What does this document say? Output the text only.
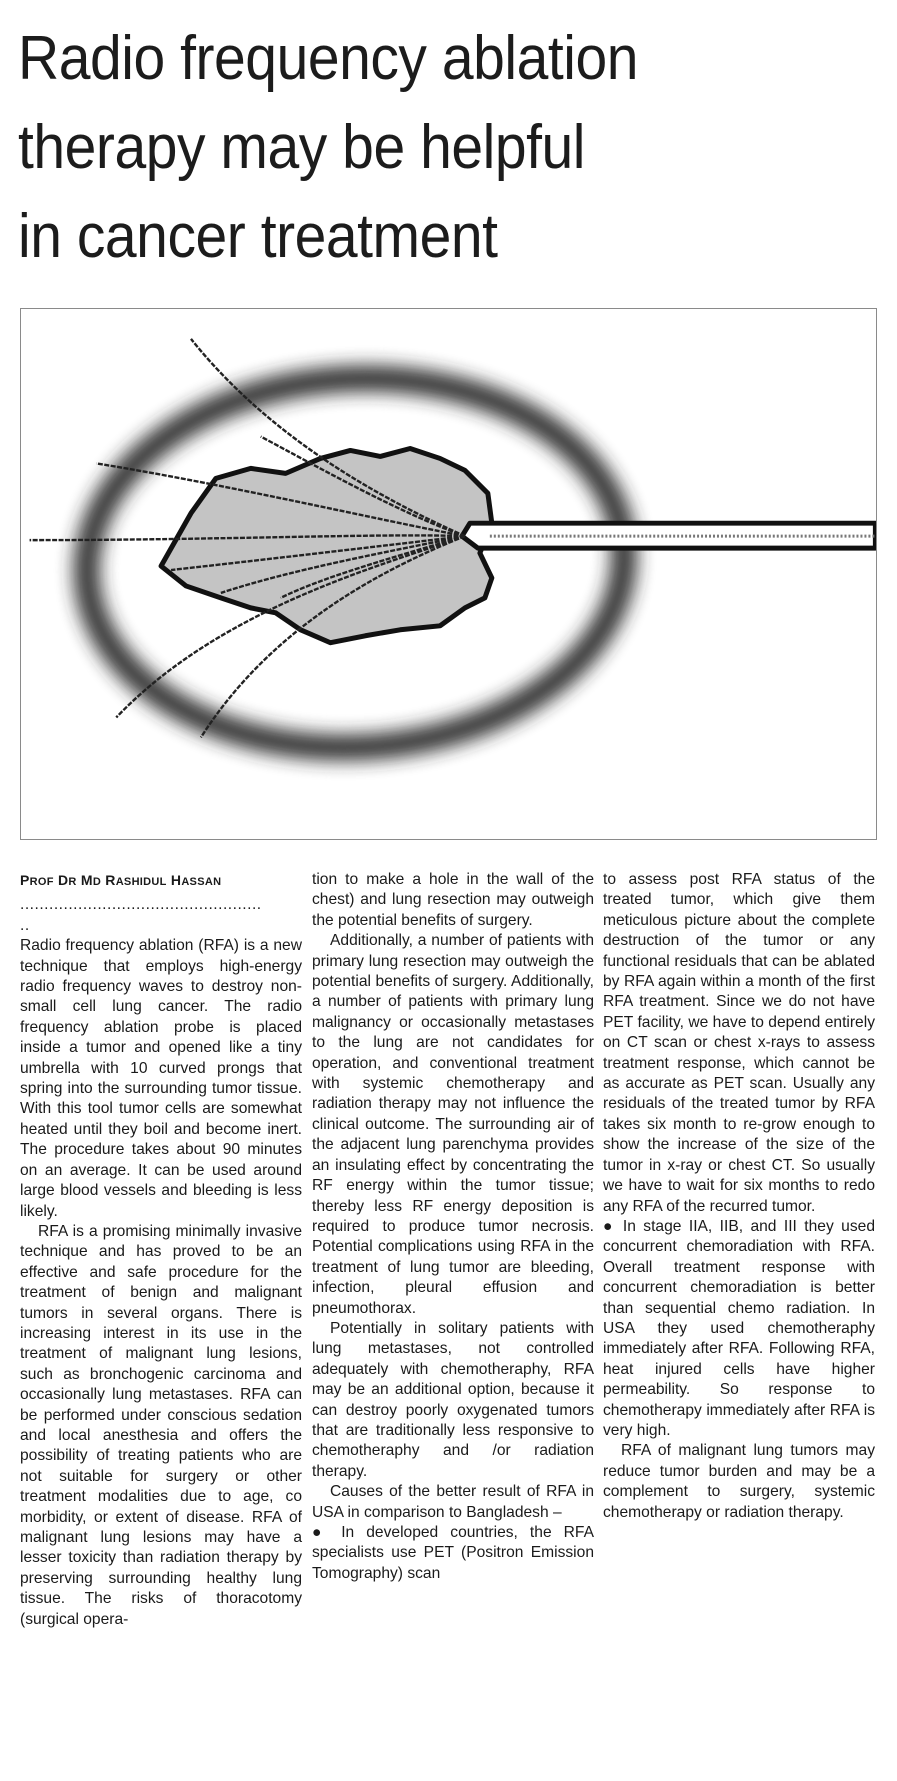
Radio frequency ablation
therapy may be helpful
in cancer treatment

PROF DR MD RASHIDUL HASSAN

..................................................

..

Radio frequency ablation (RFA) is a new technique that employs high-energy radio frequency waves to destroy non-small cell lung cancer. The radio frequency ablation probe is placed inside a tumor and opened like a tiny umbrella with 10 curved prongs that spring into the surrounding tumor tissue. With this tool tumor cells are somewhat heated until they boil and become inert. The procedure takes about 90 minutes on an average. It can be used around large blood vessels and bleeding is less likely.

RFA is a promising minimally invasive technique and has proved to be an effective and safe procedure for the treatment of benign and malignant tumors in several organs. There is increasing interest in its use in the treatment of malignant lung lesions, such as bronchogenic carcinoma and occasionally lung metastases. RFA can be performed under conscious sedation and local anesthesia and offers the possibility of treating patients who are not suitable for surgery or other treatment modalities due to age, co morbidity, or extent of disease. RFA of malignant lung lesions may have a lesser toxicity than radiation therapy by preserving surrounding healthy lung tissue. The risks of thoracotomy (surgical opera-

tion to make a hole in the wall of the chest) and lung resection may outweigh the potential benefits of surgery.

Additionally, a number of patients with primary lung resection may outweigh the potential benefits of surgery. Additionally, a number of patients with primary lung malignancy or occasionally metastases to the lung are not candidates for operation, and conventional treatment with systemic chemotherapy and radiation therapy may not influence the clinical outcome. The surrounding air of the adjacent lung parenchyma provides an insulating effect by concentrating the RF energy within the tumor tissue; thereby less RF energy deposition is required to produce tumor necrosis. Potential complications using RFA in the treatment of lung tumor are bleeding, infection, pleural effusion and pneumothorax.

Potentially in solitary patients with lung metastases, not controlled adequately with chemotheraphy, RFA may be an additional option, because it can destroy poorly oxygenated tumors that are traditionally less responsive to chemotheraphy and /or radiation therapy.

Causes of the better result of RFA in USA in comparison to Bangladesh –

● In developed countries, the RFA specialists use PET (Positron Emission Tomography) scan

to assess post RFA status of the treated tumor, which give them meticulous picture about the complete destruction of the tumor or any functional residuals that can be ablated by RFA again within a month of the first RFA treatment. Since we do not have PET facility, we have to depend entirely on CT scan or chest x-rays to assess treatment response, which cannot be as accurate as PET scan. Usually any residuals of the treated tumor by RFA takes six month to re-grow enough to show the increase of the size of the tumor in x-ray or chest CT. So usually we have to wait for six months to redo any RFA of the recurred tumor.

● In stage IIA, IIB, and III they used concurrent chemoradiation with RFA. Overall treatment response with concurrent chemoradiation is better than sequential chemo radiation. In USA they used chemotheraphy immediately after RFA. Following RFA, heat injured cells have higher permeability. So response to chemotherapy immediately after RFA is very high.

RFA of malignant lung tumors may reduce tumor burden and may be a complement to surgery, systemic chemotherapy or radiation therapy.
